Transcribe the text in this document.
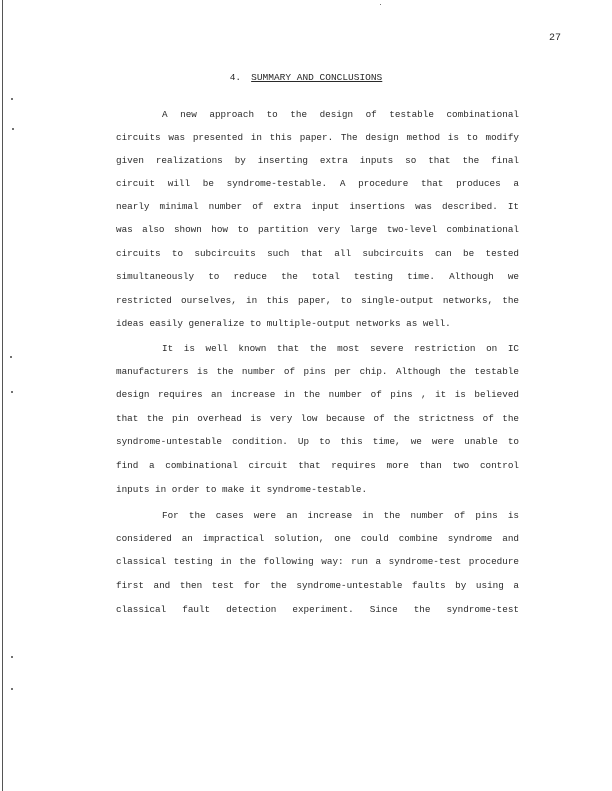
27
4. SUMMARY AND CONCLUSIONS
A new approach to the design of testable combinational
circuits was presented in this paper. The design method is to modify
given realizations by inserting extra inputs so that the final
circuit will be syndrome-testable. A procedure that produces a
nearly minimal number of extra input insertions was described. It
was also shown how to partition very large two-level combinational
circuits to subcircuits such that all subcircuits can be tested
simultaneously to reduce the total testing time. Although we
restricted ourselves, in this paper, to single-output networks, the
ideas easily generalize to multiple-output networks as well.
It is well known that the most severe restriction on IC
manufacturers is the number of pins per chip. Although the testable
design requires an increase in the number of pins , it is believed
that the pin overhead is very low because of the strictness of the
syndrome-untestable condition. Up to this time, we were unable to
find a combinational circuit that requires more than two control
inputs in order to make it syndrome-testable.
For the cases were an increase in the number of pins is
considered an impractical solution, one could combine syndrome and
classical testing in the following way: run a syndrome-test procedure
first and then test for the syndrome-untestable faults by using a
classical fault detection experiment. Since the syndrome-test
